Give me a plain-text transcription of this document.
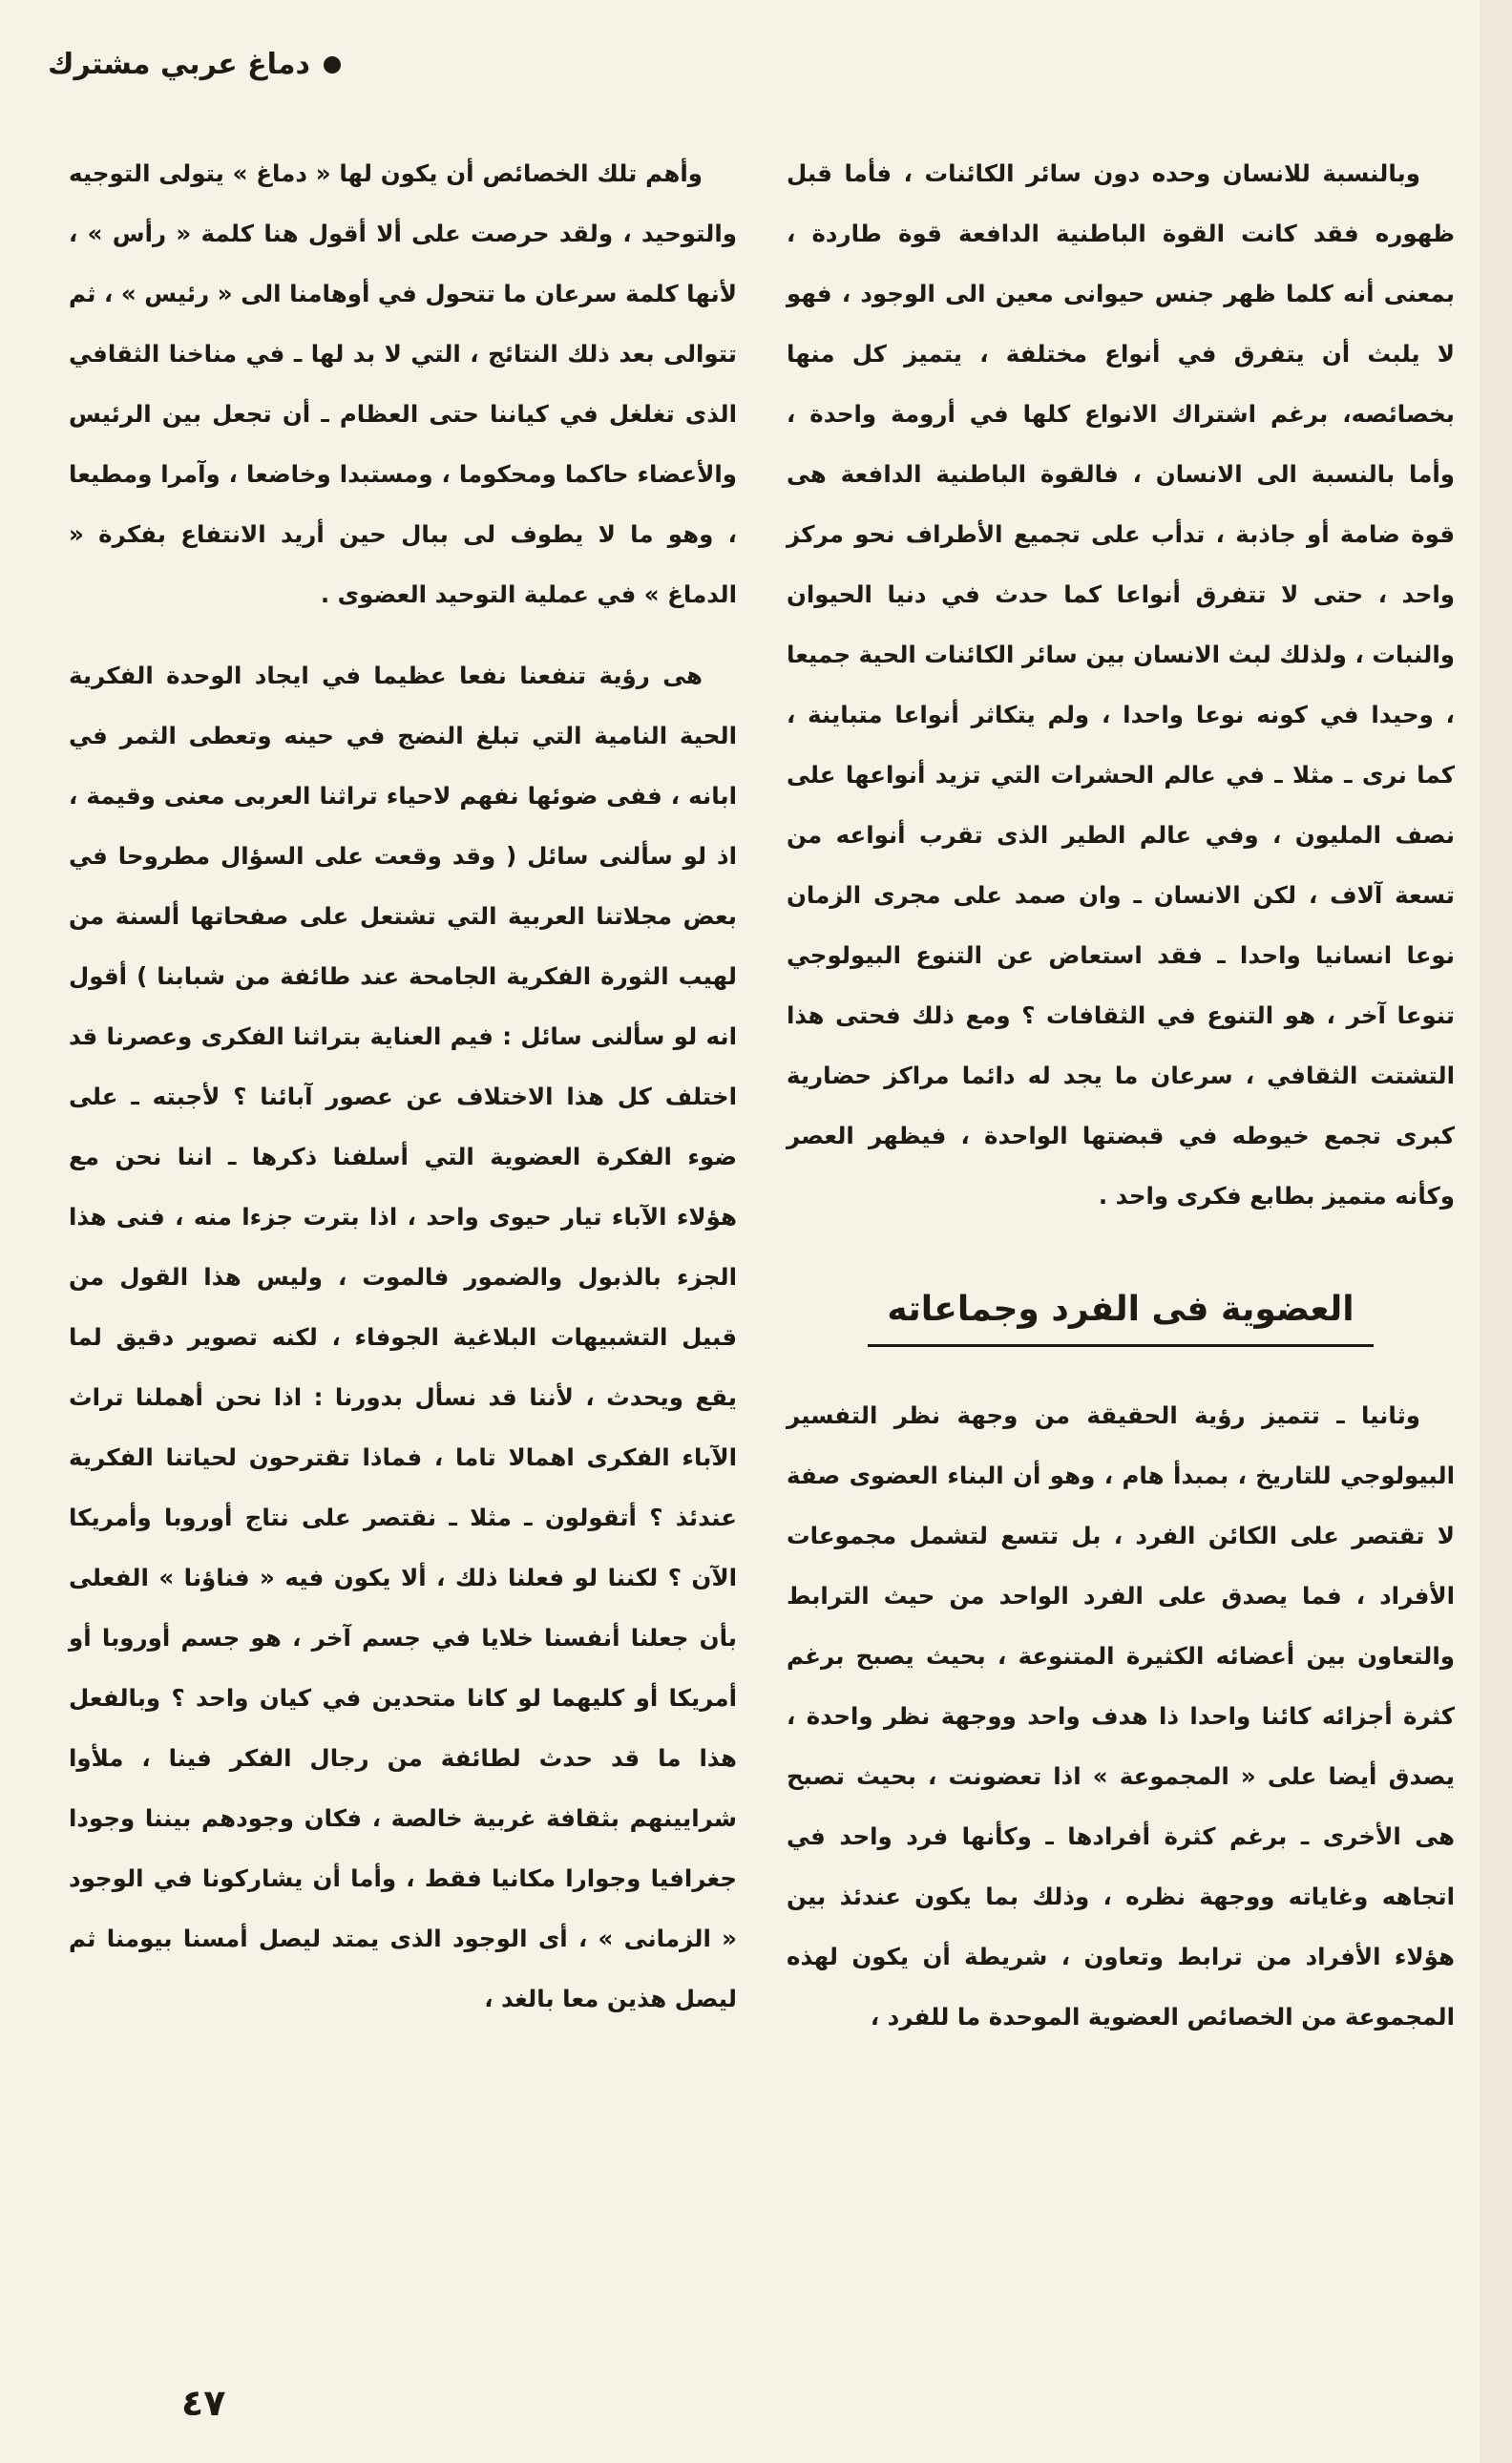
دماغ عربي مشترك

وبالنسبة للانسان وحده دون سائر الكائنات ، فأما قبل ظهوره فقد كانت القوة الباطنية الدافعة قوة طاردة ، بمعنى أنه كلما ظهر جنس حيوانى معين الى الوجود ، فهو لا يلبث أن يتفرق في أنواع مختلفة ، يتميز كل منها بخصائصه، برغم اشتراك الانواع كلها في أرومة واحدة ، وأما بالنسبة الى الانسان ، فالقوة الباطنية الدافعة هى قوة ضامة أو جاذبة ، تدأب على تجميع الأطراف نحو مركز واحد ، حتى لا تتفرق أنواعا كما حدث في دنيا الحيوان والنبات ، ولذلك لبث الانسان بين سائر الكائنات الحية جميعا ، وحيدا في كونه نوعا واحدا ، ولم يتكاثر أنواعا متباينة ، كما نرى ـ مثلا ـ في عالم الحشرات التي تزيد أنواعها على نصف المليون ، وفي عالم الطير الذى تقرب أنواعه من تسعة آلاف ، لكن الانسان ـ وان صمد على مجرى الزمان نوعا انسانيا واحدا ـ فقد استعاض عن التنوع البيولوجي تنوعا آخر ، هو التنوع في الثقافات ؟ ومع ذلك فحتى هذا التشتت الثقافي ، سرعان ما يجد له دائما مراكز حضارية كبرى تجمع خيوطه في قبضتها الواحدة ، فيظهر العصر وكأنه متميز بطابع فكرى واحد .

العضوية فى الفرد وجماعاته

وثانيا ـ تتميز رؤية الحقيقة من وجهة نظر التفسير البيولوجي للتاريخ ، بمبدأ هام ، وهو أن البناء العضوى صفة لا تقتصر على الكائن الفرد ، بل تتسع لتشمل مجموعات الأفراد ، فما يصدق على الفرد الواحد من حيث الترابط والتعاون بين أعضائه الكثيرة المتنوعة ، بحيث يصبح برغم كثرة أجزائه كائنا واحدا ذا هدف واحد ووجهة نظر واحدة ، يصدق أيضا على « المجموعة » اذا تعضونت ، بحيث تصبح هى الأخرى ـ برغم كثرة أفرادها ـ وكأنها فرد واحد في اتجاهه وغاياته ووجهة نظره ، وذلك بما يكون عندئذ بين هؤلاء الأفراد من ترابط وتعاون ، شريطة أن يكون لهذه المجموعة من الخصائص العضوية الموحدة ما للفرد ،

وأهم تلك الخصائص أن يكون لها « دماغ » يتولى التوجيه والتوحيد ، ولقد حرصت على ألا أقول هنا كلمة « رأس » ، لأنها كلمة سرعان ما تتحول في أوهامنا الى « رئيس » ، ثم تتوالى بعد ذلك النتائج ، التي لا بد لها ـ في مناخنا الثقافي الذى تغلغل في كياننا حتى العظام ـ أن تجعل بين الرئيس والأعضاء حاكما ومحكوما ، ومستبدا وخاضعا ، وآمرا ومطيعا ، وهو ما لا يطوف لى ببال حين أريد الانتفاع بفكرة « الدماغ » في عملية التوحيد العضوى .

هى رؤية تنفعنا نفعا عظيما في ايجاد الوحدة الفكرية الحية النامية التي تبلغ النضج في حينه وتعطى الثمر في ابانه ، ففى ضوئها نفهم لاحياء تراثنا العربى معنى وقيمة ، اذ لو سألنى سائل ( وقد وقعت على السؤال مطروحا في بعض مجلاتنا العربية التي تشتعل على صفحاتها ألسنة من لهيب الثورة الفكرية الجامحة عند طائفة من شبابنا ) أقول انه لو سألنى سائل : فيم العناية بتراثنا الفكرى وعصرنا قد اختلف كل هذا الاختلاف عن عصور آبائنا ؟ لأجبته ـ على ضوء الفكرة العضوية التي أسلفنا ذكرها ـ اننا نحن مع هؤلاء الآباء تيار حيوى واحد ، اذا بترت جزءا منه ، فنى هذا الجزء بالذبول والضمور فالموت ، وليس هذا القول من قبيل التشبيهات البلاغية الجوفاء ، لكنه تصوير دقيق لما يقع ويحدث ، لأننا قد نسأل بدورنا : اذا نحن أهملنا تراث الآباء الفكرى اهمالا تاما ، فماذا تقترحون لحياتنا الفكرية عندئذ ؟ أتقولون ـ مثلا ـ نقتصر على نتاج أوروبا وأمريكا الآن ؟ لكننا لو فعلنا ذلك ، ألا يكون فيه « فناؤنا » الفعلى بأن جعلنا أنفسنا خلايا في جسم آخر ، هو جسم أوروبا أو أمريكا أو كليهما لو كانا متحدين في كيان واحد ؟ وبالفعل هذا ما قد حدث لطائفة من رجال الفكر فينا ، ملأوا شرايينهم بثقافة غربية خالصة ، فكان وجودهم بيننا وجودا جغرافيا وجوارا مكانيا فقط ، وأما أن يشاركونا في الوجود « الزمانى » ، أى الوجود الذى يمتد ليصل أمسنا بيومنا ثم ليصل هذين معا بالغد ،

٤٧
